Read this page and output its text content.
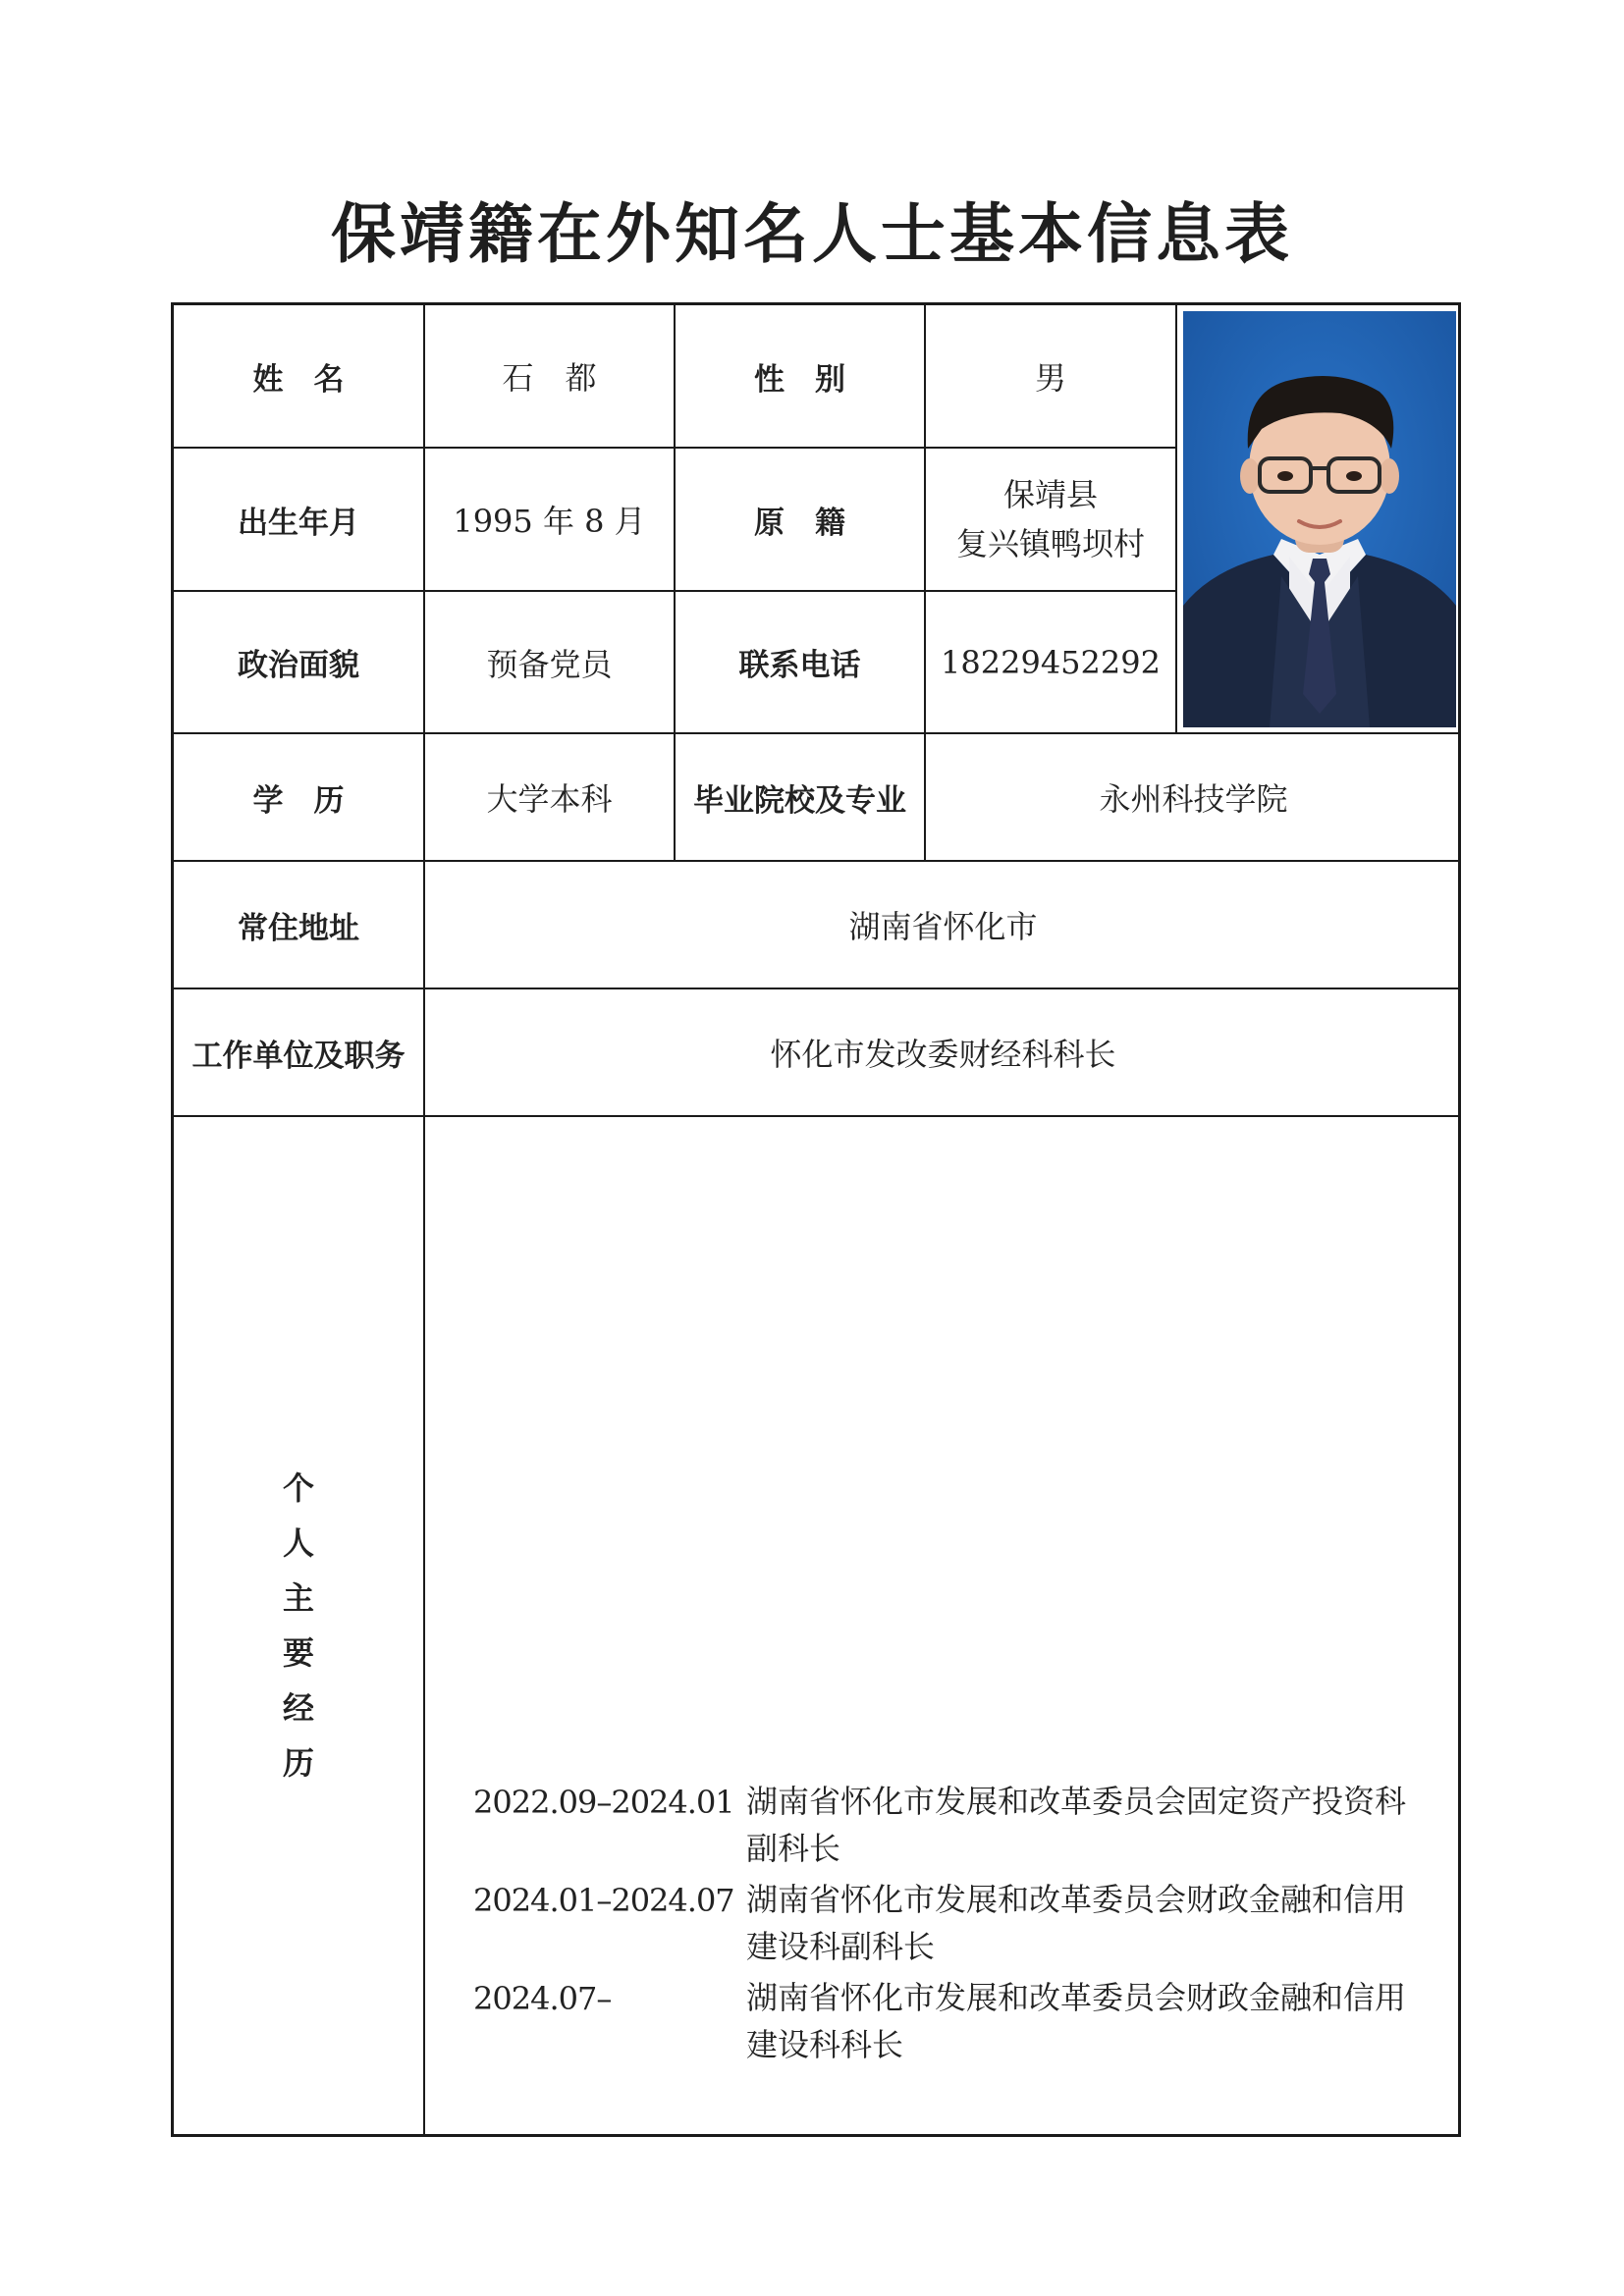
保靖籍在外知名人士基本信息表
姓　名	石　都	性　别	男
出生年月	1995 年 8 月	原　籍
保靖县
复兴镇鸭坝村
政治面貌	预备党员	联系电话	18229452292
学　历	大学本科	毕业院校及专业	永州科技学院
常住地址	湖南省怀化市
工作单位及职务	怀化市发改委财经科科长
个
人
主
要
经
历
2022.09–2024.01 湖南省怀化市发展和改革委员会固定资产投资科
副科长
2024.01–2024.07 湖南省怀化市发展和改革委员会财政金融和信用
建设科副科长
2024.07–	湖南省怀化市发展和改革委员会财政金融和信用
建设科科长
